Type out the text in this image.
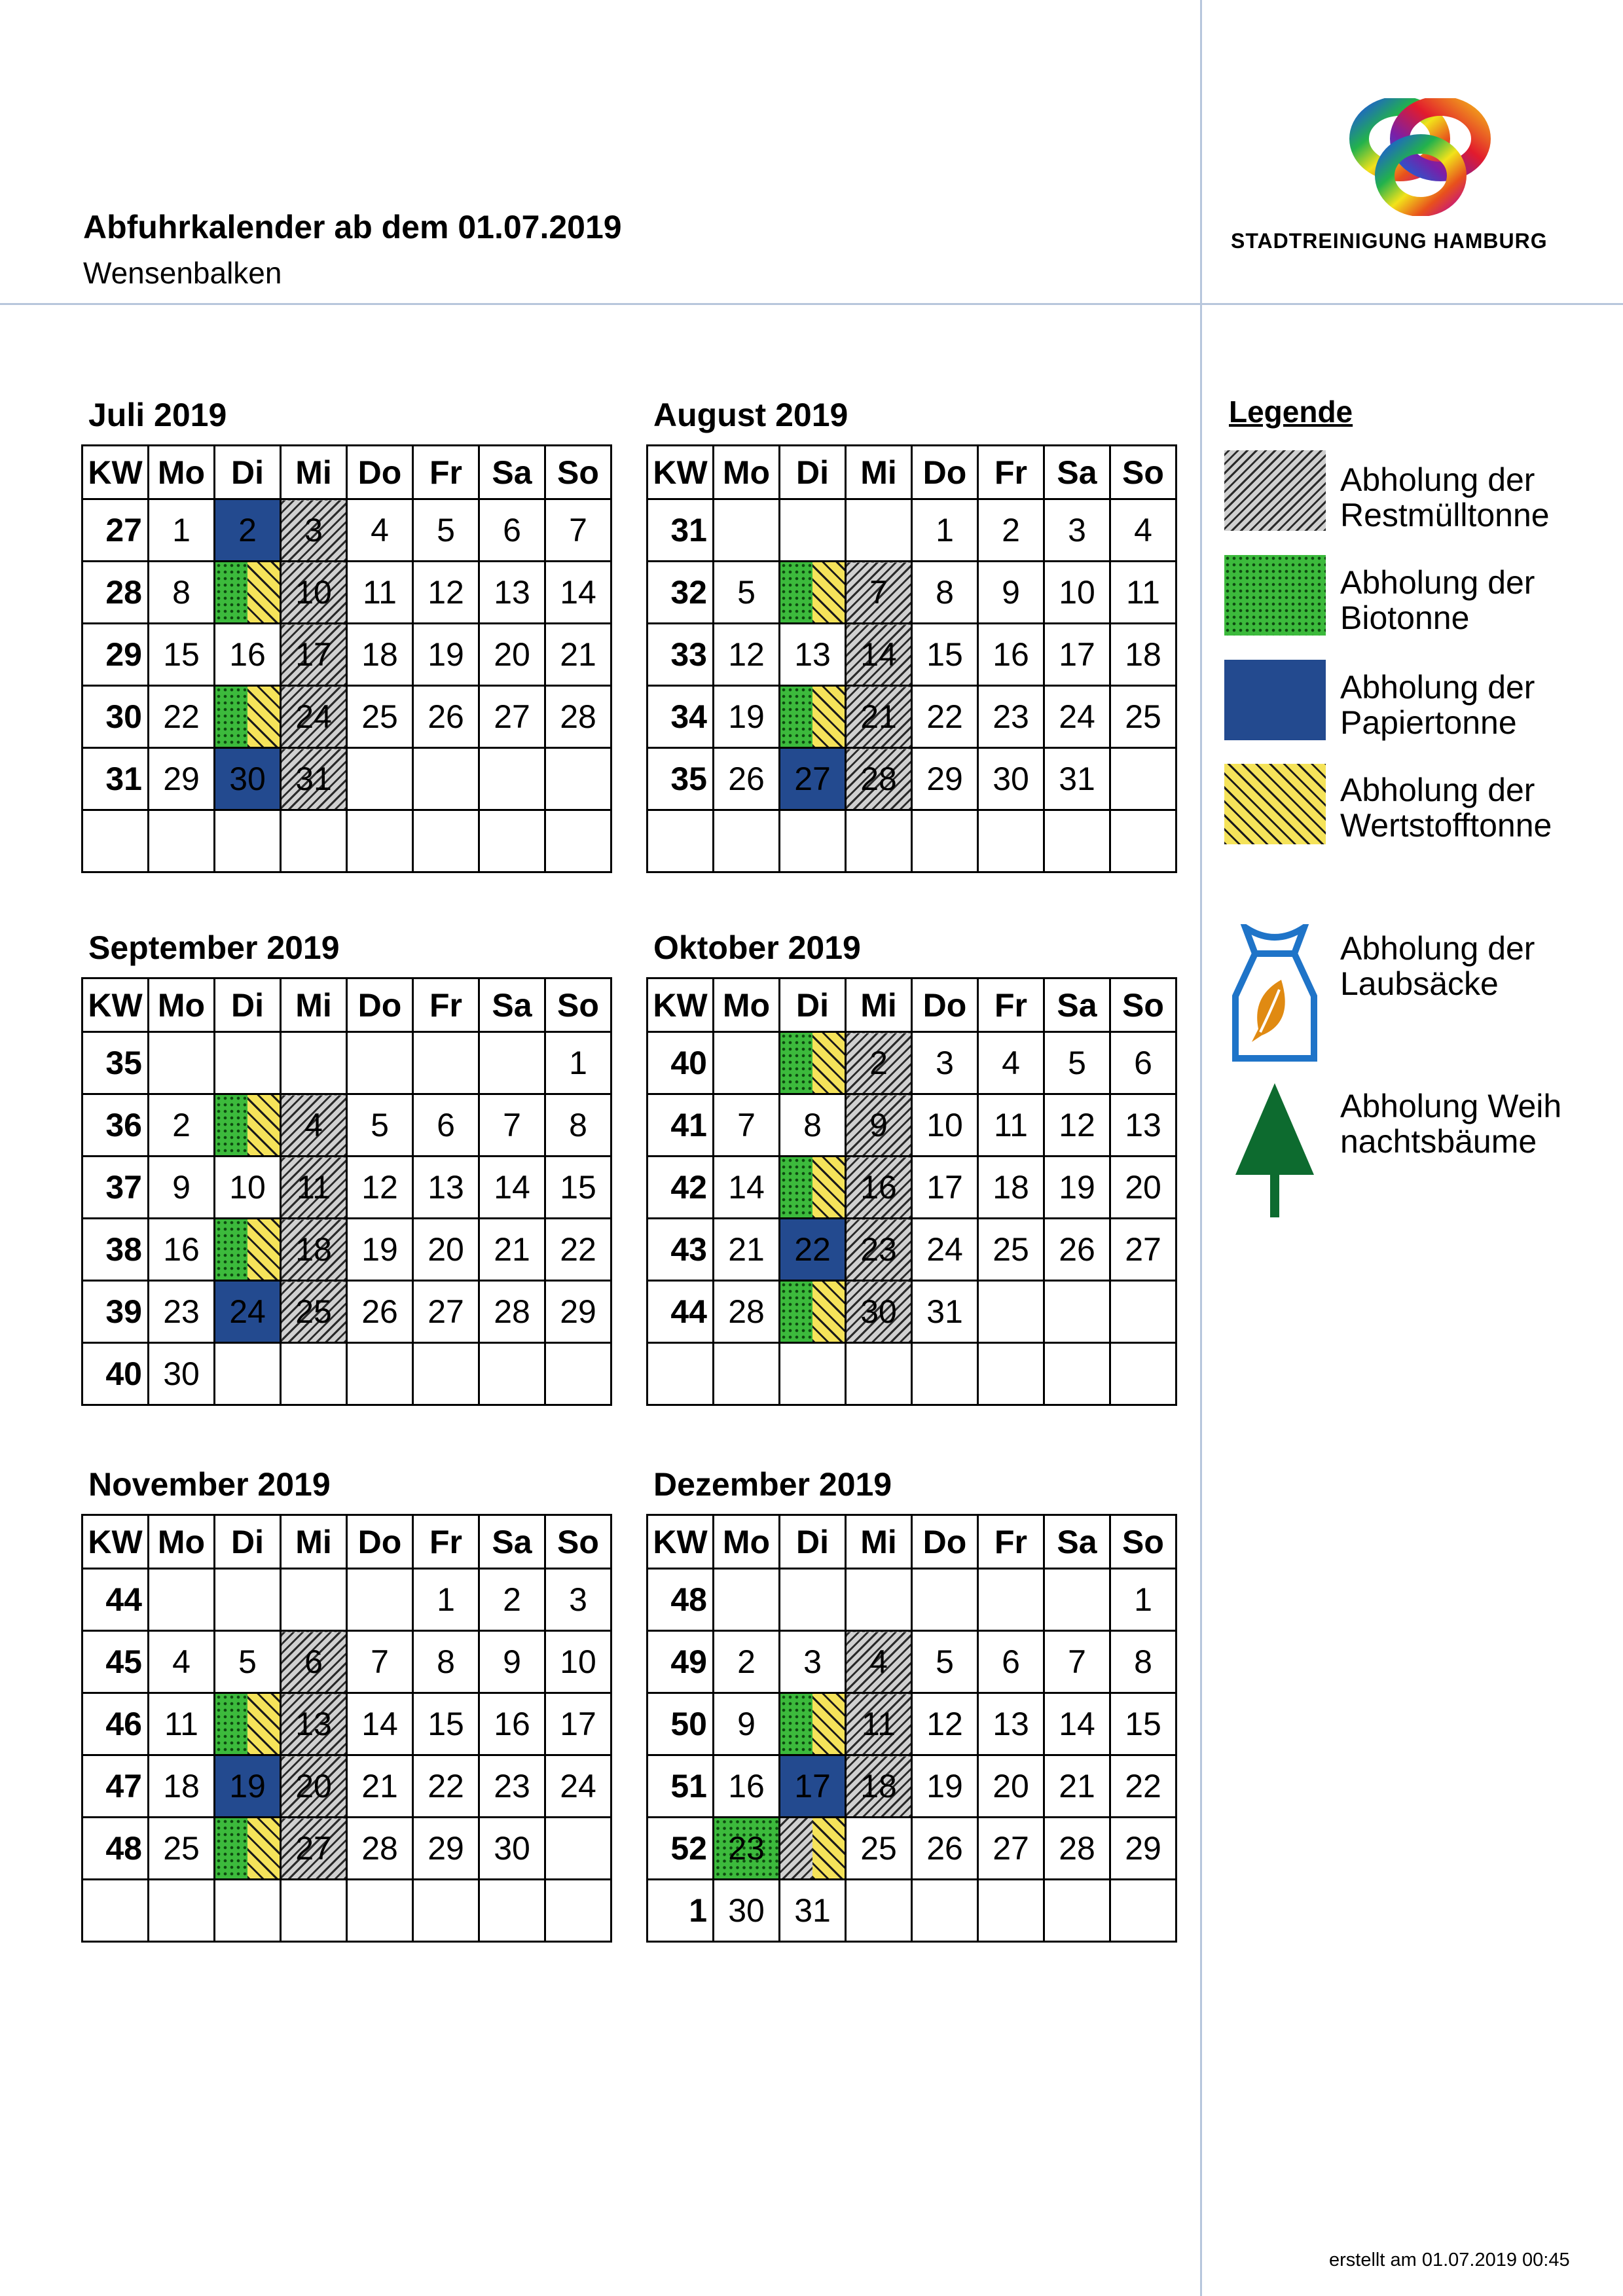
Abfuhrkalender ab dem 01.07.2019
Wensenbalken
STADTREINIGUNG HAMBURG
Juli 2019
KW	Mo	Di	Mi	Do	Fr	Sa	So
27	1	2	3	4	5	6	7
28	8		10	11	12	13	14
29	15	16	17	18	19	20	21
30	22		24	25	26	27	28
31	29	30	31				

August 2019
KW	Mo	Di	Mi	Do	Fr	Sa	So
31				1	2	3	4
32	5		7	8	9	10	11
33	12	13	14	15	16	17	18
34	19		21	22	23	24	25
35	26	27	28	29	30	31	

September 2019
KW	Mo	Di	Mi	Do	Fr	Sa	So
35							1
36	2		4	5	6	7	8
37	9	10	11	12	13	14	15
38	16		18	19	20	21	22
39	23	24	25	26	27	28	29
40	30						
Oktober 2019
KW	Mo	Di	Mi	Do	Fr	Sa	So
40			2	3	4	5	6
41	7	8	9	10	11	12	13
42	14		16	17	18	19	20
43	21	22	23	24	25	26	27
44	28		30	31			

November 2019
KW	Mo	Di	Mi	Do	Fr	Sa	So
44					1	2	3
45	4	5	6	7	8	9	10
46	11		13	14	15	16	17
47	18	19	20	21	22	23	24
48	25		27	28	29	30	

Dezember 2019
KW	Mo	Di	Mi	Do	Fr	Sa	So
48							1
49	2	3	4	5	6	7	8
50	9		11	12	13	14	15
51	16	17	18	19	20	21	22
52	23		25	26	27	28	29
1	30	31					
Legende
Abholung der
Restmülltonne
Abholung der
Biotonne
Abholung der
Papiertonne
Abholung der
Wertstofftonne
Abholung der
Laubsäcke
Abholung Weih
nachtsbäume
erstellt am 01.07.2019 00:45
